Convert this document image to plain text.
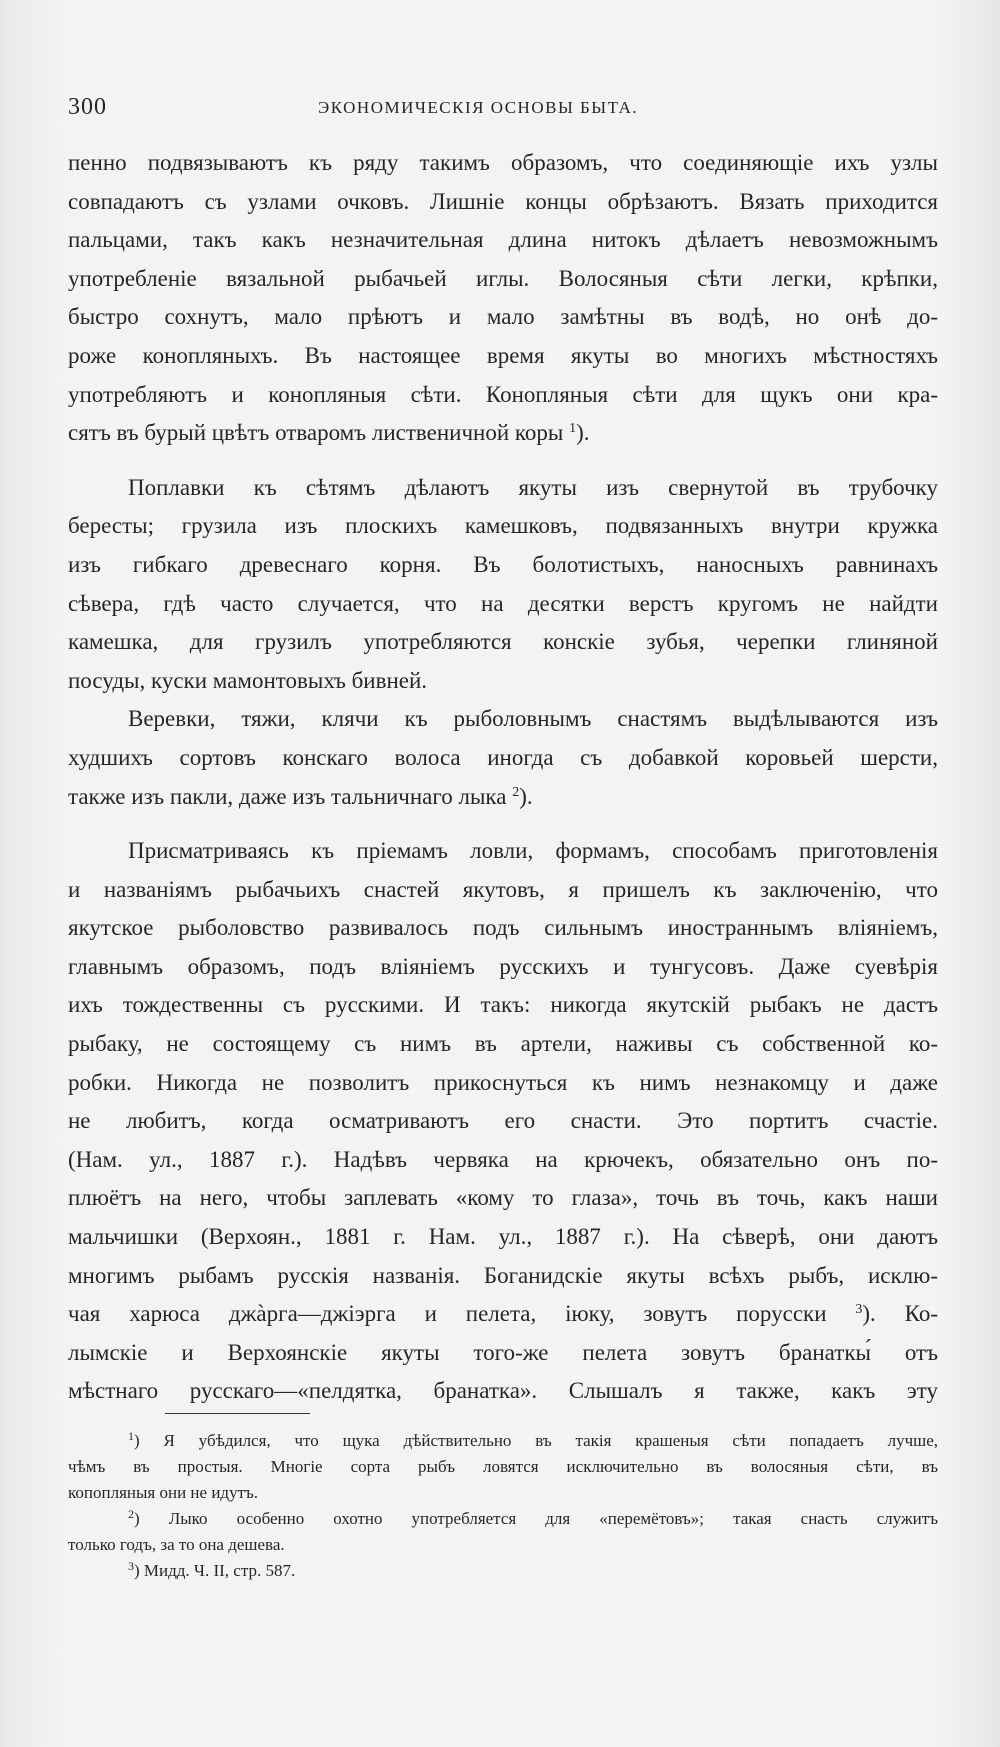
300	ЭКОНОМИЧЕСКІЯ ОСНОВЫ БЫТА.

пенно подвязываютъ къ ряду такимъ образомъ, что соединяющіе ихъ узлы
совпадаютъ съ узлами очковъ. Лишніе концы обрѣзаютъ. Вязать приходится
пальцами, такъ какъ незначительная длина нитокъ дѣлаетъ невозможнымъ
употребленіе вязальной рыбачьей иглы. Волосяныя сѣти легки, крѣпки,
быстро сохнутъ, мало прѣютъ и мало замѣтны въ водѣ, но онѣ до-
роже конопляныхъ. Въ настоящее время якуты во многихъ мѣстностяхъ
употребляютъ и конопляныя сѣти. Конопляныя сѣти для щукъ они кра-
сятъ въ бурый цвѣтъ отваромъ лиственичной коры $^1$).

Поплавки къ сѣтямъ дѣлаютъ якуты изъ свернутой въ трубочку
бересты; грузила изъ плоскихъ камешковъ, подвязанныхъ внутри кружка
изъ гибкаго древеснаго корня. Въ болотистыхъ, наносныхъ равнинахъ
сѣвера, гдѣ часто случается, что на десятки верстъ кругомъ не найдти
камешка, для грузилъ употребляются конскіе зубья, черепки глиняной
посуды, куски мамонтовыхъ бивней.

Веревки, тяжи, клячи къ рыболовнымъ снастямъ выдѣлываются изъ
худшихъ сортовъ конскаго волоса иногда съ добавкой коровьей шерсти,
также изъ пакли, даже изъ тальничнаго лыка $^2$).

Присматриваясь къ пріемамъ ловли, формамъ, способамъ приготовленія
и названіямъ рыбачьихъ снастей якутовъ, я пришелъ къ заключенію, что
якутское рыболовство развивалось подъ сильнымъ иностраннымъ вліяніемъ,
главнымъ образомъ, подъ вліяніемъ русскихъ и тунгусовъ. Даже суевѣрія
ихъ тождественны съ русскими. И такъ: никогда якутскій рыбакъ не дастъ
рыбаку, не состоящему съ нимъ въ артели, наживы съ собственной ко-
робки. Никогда не позволитъ прикоснуться къ нимъ незнакомцу и даже
не любитъ, когда осматриваютъ его снасти. Это портитъ счастіе.
(Нам. ул., 1887 г.). Надѣвъ червяка на крючекъ, обязательно онъ по-
плюётъ на него, чтобы заплевать «кому то глаза», точь въ точь, какъ наши
мальчишки (Верхоян., 1881 г. Нам. ул., 1887 г.). На сѣверѣ, они даютъ
многимъ рыбамъ русскія названія. Боганидскіе якуты всѣхъ рыбъ, исклю-
чая харюса джàрга—джіэрга и пелета, іюку, зовутъ порусски $^3$). Ко-
лымскіе и Верхоянскіе якуты того-же пелета зовутъ бранаткы́ отъ
мѣстнаго русскаго—«пелдятка, бранатка». Слышалъ я также, какъ эту

$^1$) Я убѣдился, что щука дѣйствительно въ такія крашеныя сѣти попадаетъ лучше,
чѣмъ въ простыя. Многіе сорта рыбъ ловятся исключительно въ волосяныя сѣти, въ
копопляныя они не идутъ.

$^2$) Лыко особенно охотно употребляется для «перемётовъ»; такая снасть служитъ
только годъ, за то она дешева.

$^3$) Мидд. Ч. II, стр. 587.
